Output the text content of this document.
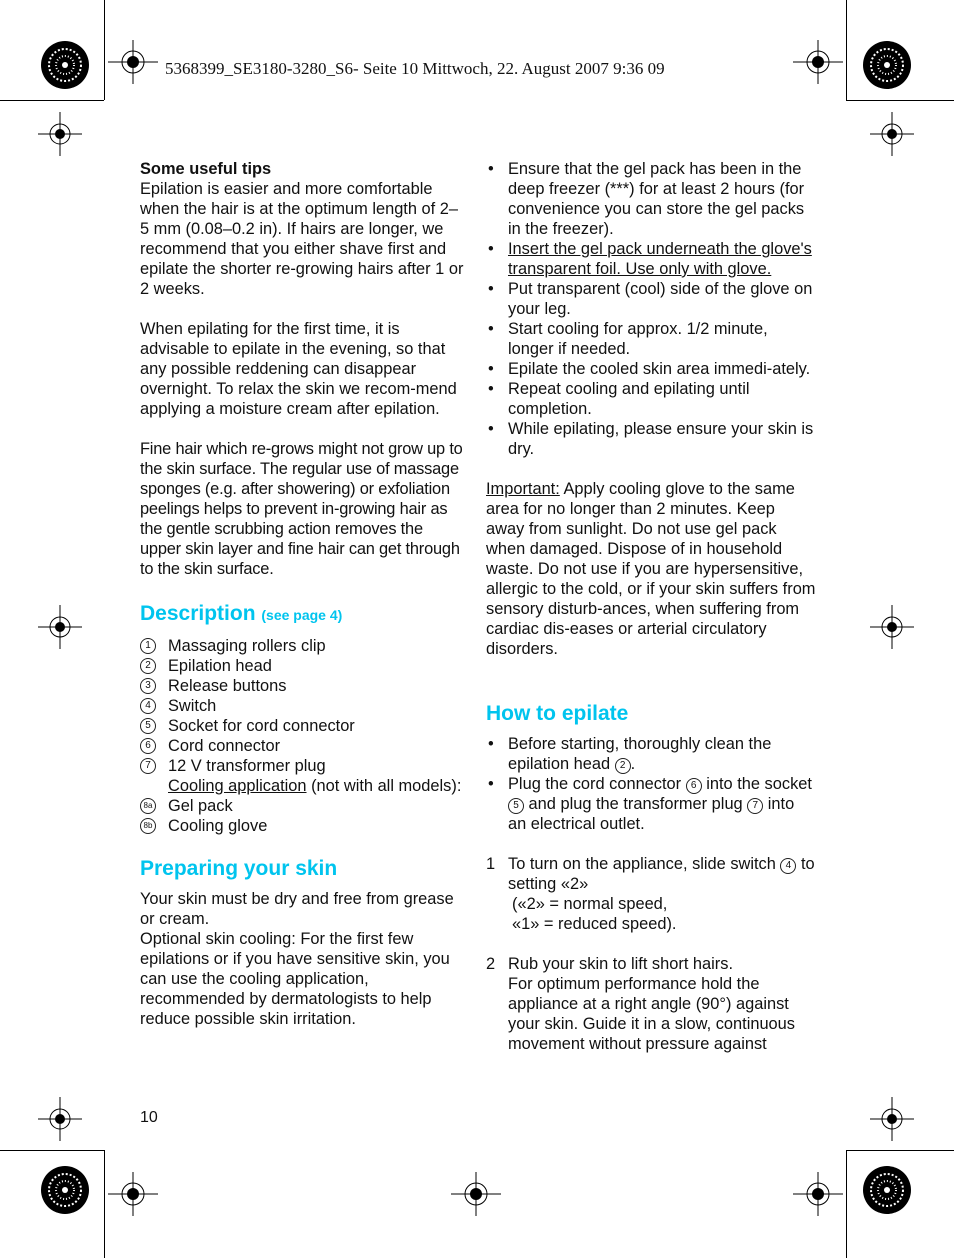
5368399_SE3180-3280_S6- Seite 10 Mittwoch, 22. August 2007 9:36 09

Some useful tips

Epilation is easier and more comfortable when the hair is at the optimum length of 2–5 mm (0.08–0.2 in). If hairs are longer, we recommend that you either shave first and epilate the shorter re-growing hairs after 1 or 2 weeks.

When epilating for the first time, it is advisable to epilate in the evening, so that any possible reddening can disappear overnight. To relax the skin we recom-mend applying a moisture cream after epilation.

Fine hair which re-grows might not grow up to the skin surface. The regular use of massage sponges (e.g. after showering) or exfoliation peelings helps to prevent in-growing hair as the gentle scrubbing action removes the upper skin layer and fine hair can get through to the skin surface.

Description (see page 4)
1	Massaging rollers clip
2	Epilation head
3	Release buttons
4	Switch
5	Socket for cord connector
6	Cord connector
7	12 V transformer plug
Cooling application (not with all models):
8a Gel pack
8b Cooling glove
Preparing your skin

Your skin must be dry and free from grease or cream.

Optional skin cooling: For the first few epilations or if you have sensitive skin, you can use the cooling application, recommended by dermatologists to help reduce possible skin irritation.

• Ensure that the gel pack has been in the deep freezer (***) for at least 2 hours (for convenience you can store the gel packs in the freezer).
• Insert the gel pack underneath the glove's transparent foil. Use only with glove.
• Put transparent (cool) side of the glove on your leg.
• Start cooling for approx. 1/2 minute, longer if needed.
• Epilate the cooled skin area immedi-ately.
• Repeat cooling and epilating until completion.
• While epilating, please ensure your skin is dry.

Important: Apply cooling glove to the same area for no longer than 2 minutes. Keep away from sunlight. Do not use gel pack when damaged. Dispose of in household waste. Do not use if you are hypersensitive, allergic to the cold, or if your skin suffers from sensory disturb-ances, when suffering from cardiac dis-eases or arterial circulatory disorders.

How to epilate
• Before starting, thoroughly clean the epilation head 2 .
• Plug the cord connector 6 into the socket 5 and plug the transformer plug 7 into an electrical outlet.
1 To turn on the appliance, slide switch 4 to setting «2»
(«2» = normal speed,
«1» = reduced speed).
2 Rub your skin to lift short hairs.
For optimum performance hold the appliance at a right angle (90°) against your skin. Guide it in a slow, continuous movement without pressure against
10
